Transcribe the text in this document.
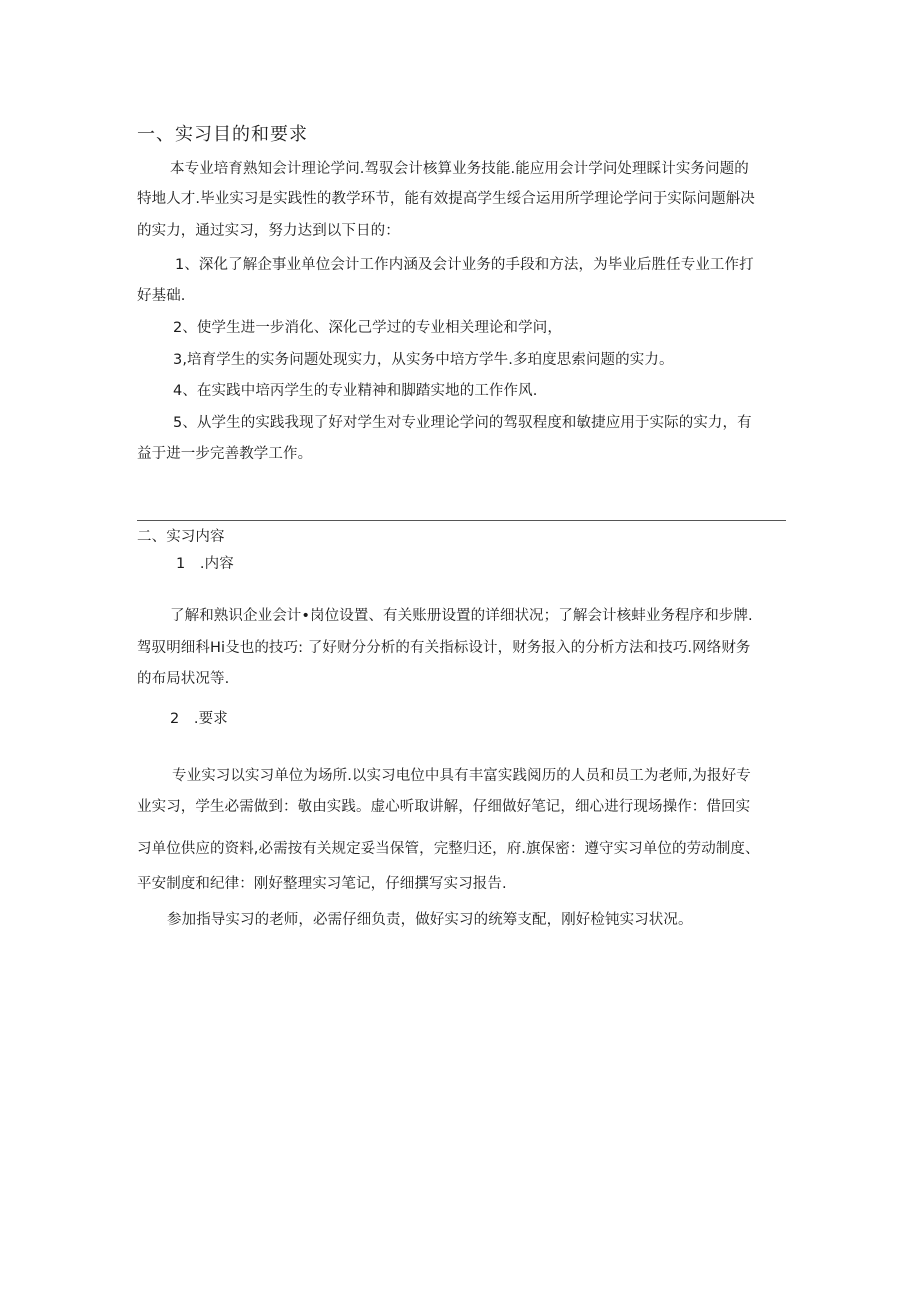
一、实习目的和要求
本专业培育熟知会计理论学问.驾驭会计核算业务技能.能应用会计学问处理睬计实务问题的
特地人才.毕业实习是实践性的教学环节，能有效提高学生绥合运用所学理论学问于实际问题斛决
的实力，通过实习，努力达到以下日的：
1、深化了解企事业单位会计工作内涵及会计业务的手段和方法，为毕业后胜任专业工作打
好基础.
2、使学生进一步消化、深化己学过的专业相关理论和学问，
3,培育学生的实务问题处现实力，从实务中培方学牛.多珀度思索问题的实力。
4、在实践中培丙学生的专业精神和脚踏实地的工作作风.
5、从学生的实践我现了好对学生对专业理论学问的驾驭程度和敏捷应用于实际的实力，有
益于进一步完善教学工作。
二、实习内容
1　.内容
了解和熟识企业会计•岗位设置、有关账册设置的详细状况；了解会计核蚌业务程序和步牌.
驾驭明细科Hi殳也的技巧: 了好财分分析的有关指标设计，财务报入的分析方法和技巧.网络财务
的布局状况等.
2　.要求
专业实习以实习单位为场所.以实习电位中具有丰富实践阅历的人员和员工为老师,为报好专
业实习，学生必需做到：敬由实践。虚心听取讲解，仔细做好笔记，细心进行现场操作：借回实
习单位供应的资料,必需按有关规定妥当保管，完整归还，府.旗保密：遵守实习单位的劳动制度、
平安制度和纪律：刚好整理实习笔记，仔细撰写实习报告.
参加指导实习的老师，必需仔细负责，做好实习的统筹支配，刚好检钝实习状况。
